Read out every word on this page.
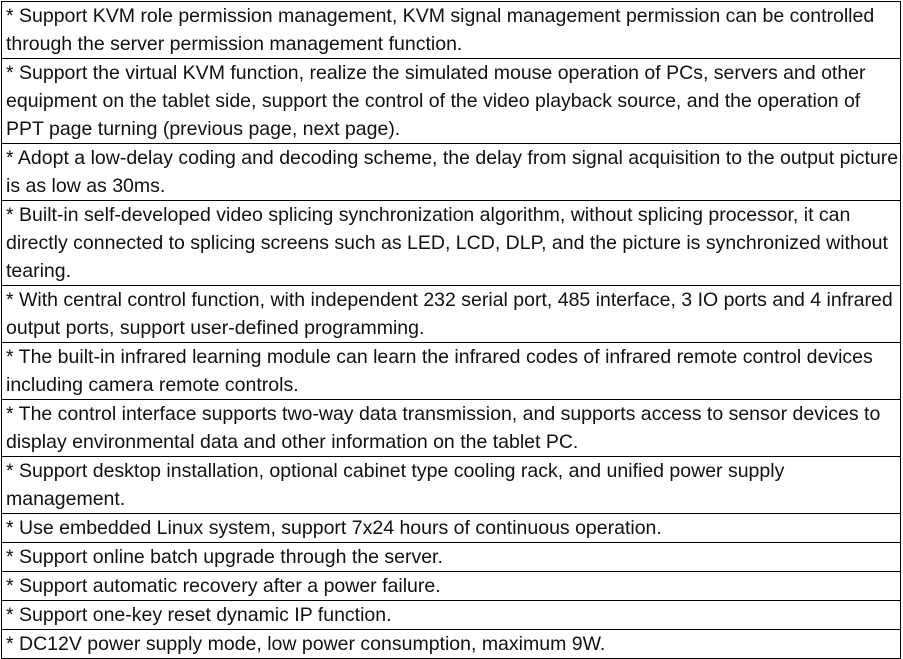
* Support KVM role permission management, KVM signal management permission can be controlled through the server permission management function.
* Support the virtual KVM function, realize the simulated mouse operation of PCs, servers and other equipment on the tablet side, support the control of the video playback source, and the operation of PPT page turning (previous page, next page).
* Adopt a low-delay coding and decoding scheme, the delay from signal acquisition to the output picture is as low as 30ms.
* Built-in self-developed video splicing synchronization algorithm, without splicing processor, it can directly connected to splicing screens such as LED, LCD, DLP, and the picture is synchronized without tearing.
* With central control function, with independent 232 serial port, 485 interface, 3 IO ports and 4 infrared output ports, support user-defined programming.
* The built-in infrared learning module can learn the infrared codes of infrared remote control devices including camera remote controls.
* The control interface supports two-way data transmission, and supports access to sensor devices to display environmental data and other information on the tablet PC.
* Support desktop installation, optional cabinet type cooling rack, and unified power supply management.
* Use embedded Linux system, support 7x24 hours of continuous operation.
* Support online batch upgrade through the server.
* Support automatic recovery after a power failure.
* Support one-key reset dynamic IP function.
* DC12V power supply mode, low power consumption, maximum 9W.
